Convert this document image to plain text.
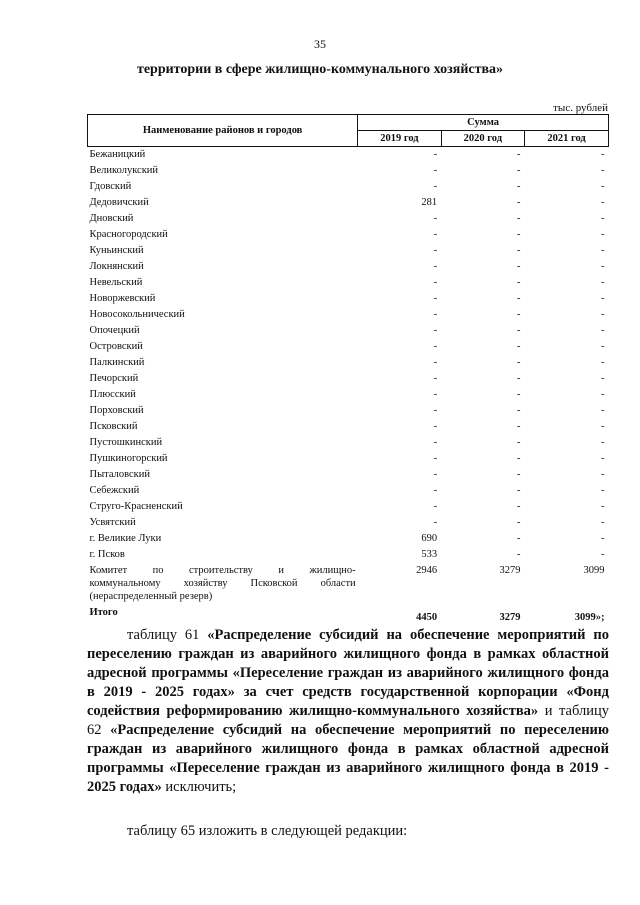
35
территории в сфере жилищно-коммунального хозяйства»
тыс. рублей
Наименование районов и городов	Сумма		
	2019 год	2020 год	2021 год
Бежаницкий	-	-	-
Великолукский	-	-	-
Гдовский	-	-	-
Дедовичский	281	-	-
Дновский	-	-	-
Красногородский	-	-	-
Куньинский	-	-	-
Локнянский	-	-	-
Невельский	-	-	-
Новоржевский	-	-	-
Новосокольнический	-	-	-
Опочецкий	-	-	-
Островский	-	-	-
Палкинский	-	-	-
Печорский	-	-	-
Плюсский	-	-	-
Порховский	-	-	-
Псковский	-	-	-
Пустошкинский	-	-	-
Пушкиногорский	-	-	-
Пыталовский	-	-	-
Себежский	-	-	-
Струго-Красненский	-	-	-
Усвятский	-	-	-
г. Великие Луки	690	-	-
г. Псков	533	-	-

Комитет по строительству и жилищно-
коммунальному хозяйству Псковской области
(нераспределенный резерв)	2946	3279	3099
Итого	4450	3279	3099»;
таблицу 61 «Распределение субсидий на обеспечение мероприятий по переселению граждан из аварийного жилищного фонда в рамках областной адресной программы «Переселение граждан из аварийного жилищного фонда в 2019 - 2025 годах» за счет средств государственной корпорации «Фонд содействия реформированию жилищно-коммунального хозяйства» и таблицу 62 «Распределение субсидий на обеспечение мероприятий по переселению граждан из аварийного жилищного фонда в рамках областной адресной программы «Переселение граждан из аварийного жилищного фонда в 2019 - 2025 годах» исключить;
таблицу 65 изложить в следующей редакции:
